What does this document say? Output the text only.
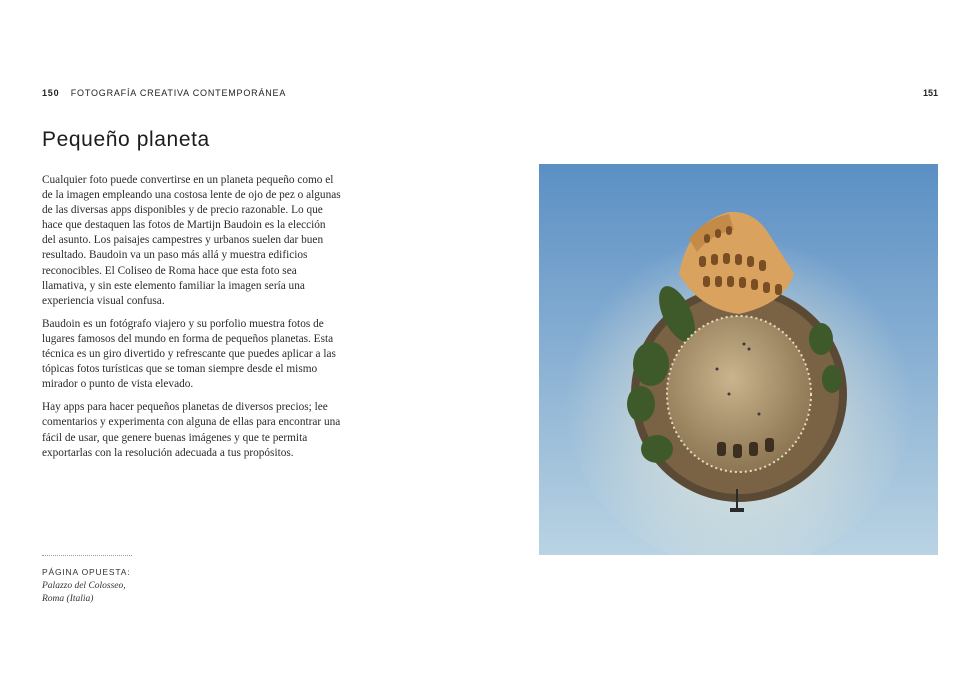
150 FOTOGRAFÍA CREATIVA CONTEMPORÁNEA	151
Pequeño planeta

Cualquier foto puede convertirse en un planeta pequeño como el de la imagen empleando una costosa lente de ojo de pez o algunas de las diversas apps disponibles y de precio razonable. Lo que hace que destaquen las fotos de Martijn Baudoin es la elección del asunto. Los paisajes campestres y urbanos suelen dar buen resultado. Baudoin va un paso más allá y muestra edificios reconocibles. El Coliseo de Roma hace que esta foto sea llamativa, y sin este elemento familiar la imagen sería una experiencia visual confusa.

Baudoin es un fotógrafo viajero y su porfolio muestra fotos de lugares famosos del mundo en forma de pequeños planetas. Esta técnica es un giro divertido y refrescante que puedes aplicar a las tópicas fotos turísticas que se toman siempre desde el mismo mirador o punto de vista elevado.

Hay apps para hacer pequeños planetas de diversos precios; lee comentarios y experimenta con alguna de ellas para encontrar una fácil de usar, que genere buenas imágenes y que te permita exportarlas con la resolución adecuada a tus propósitos.

PÁGINA OPUESTA:
Palazzo del Colosseo,
Roma (Italia)
